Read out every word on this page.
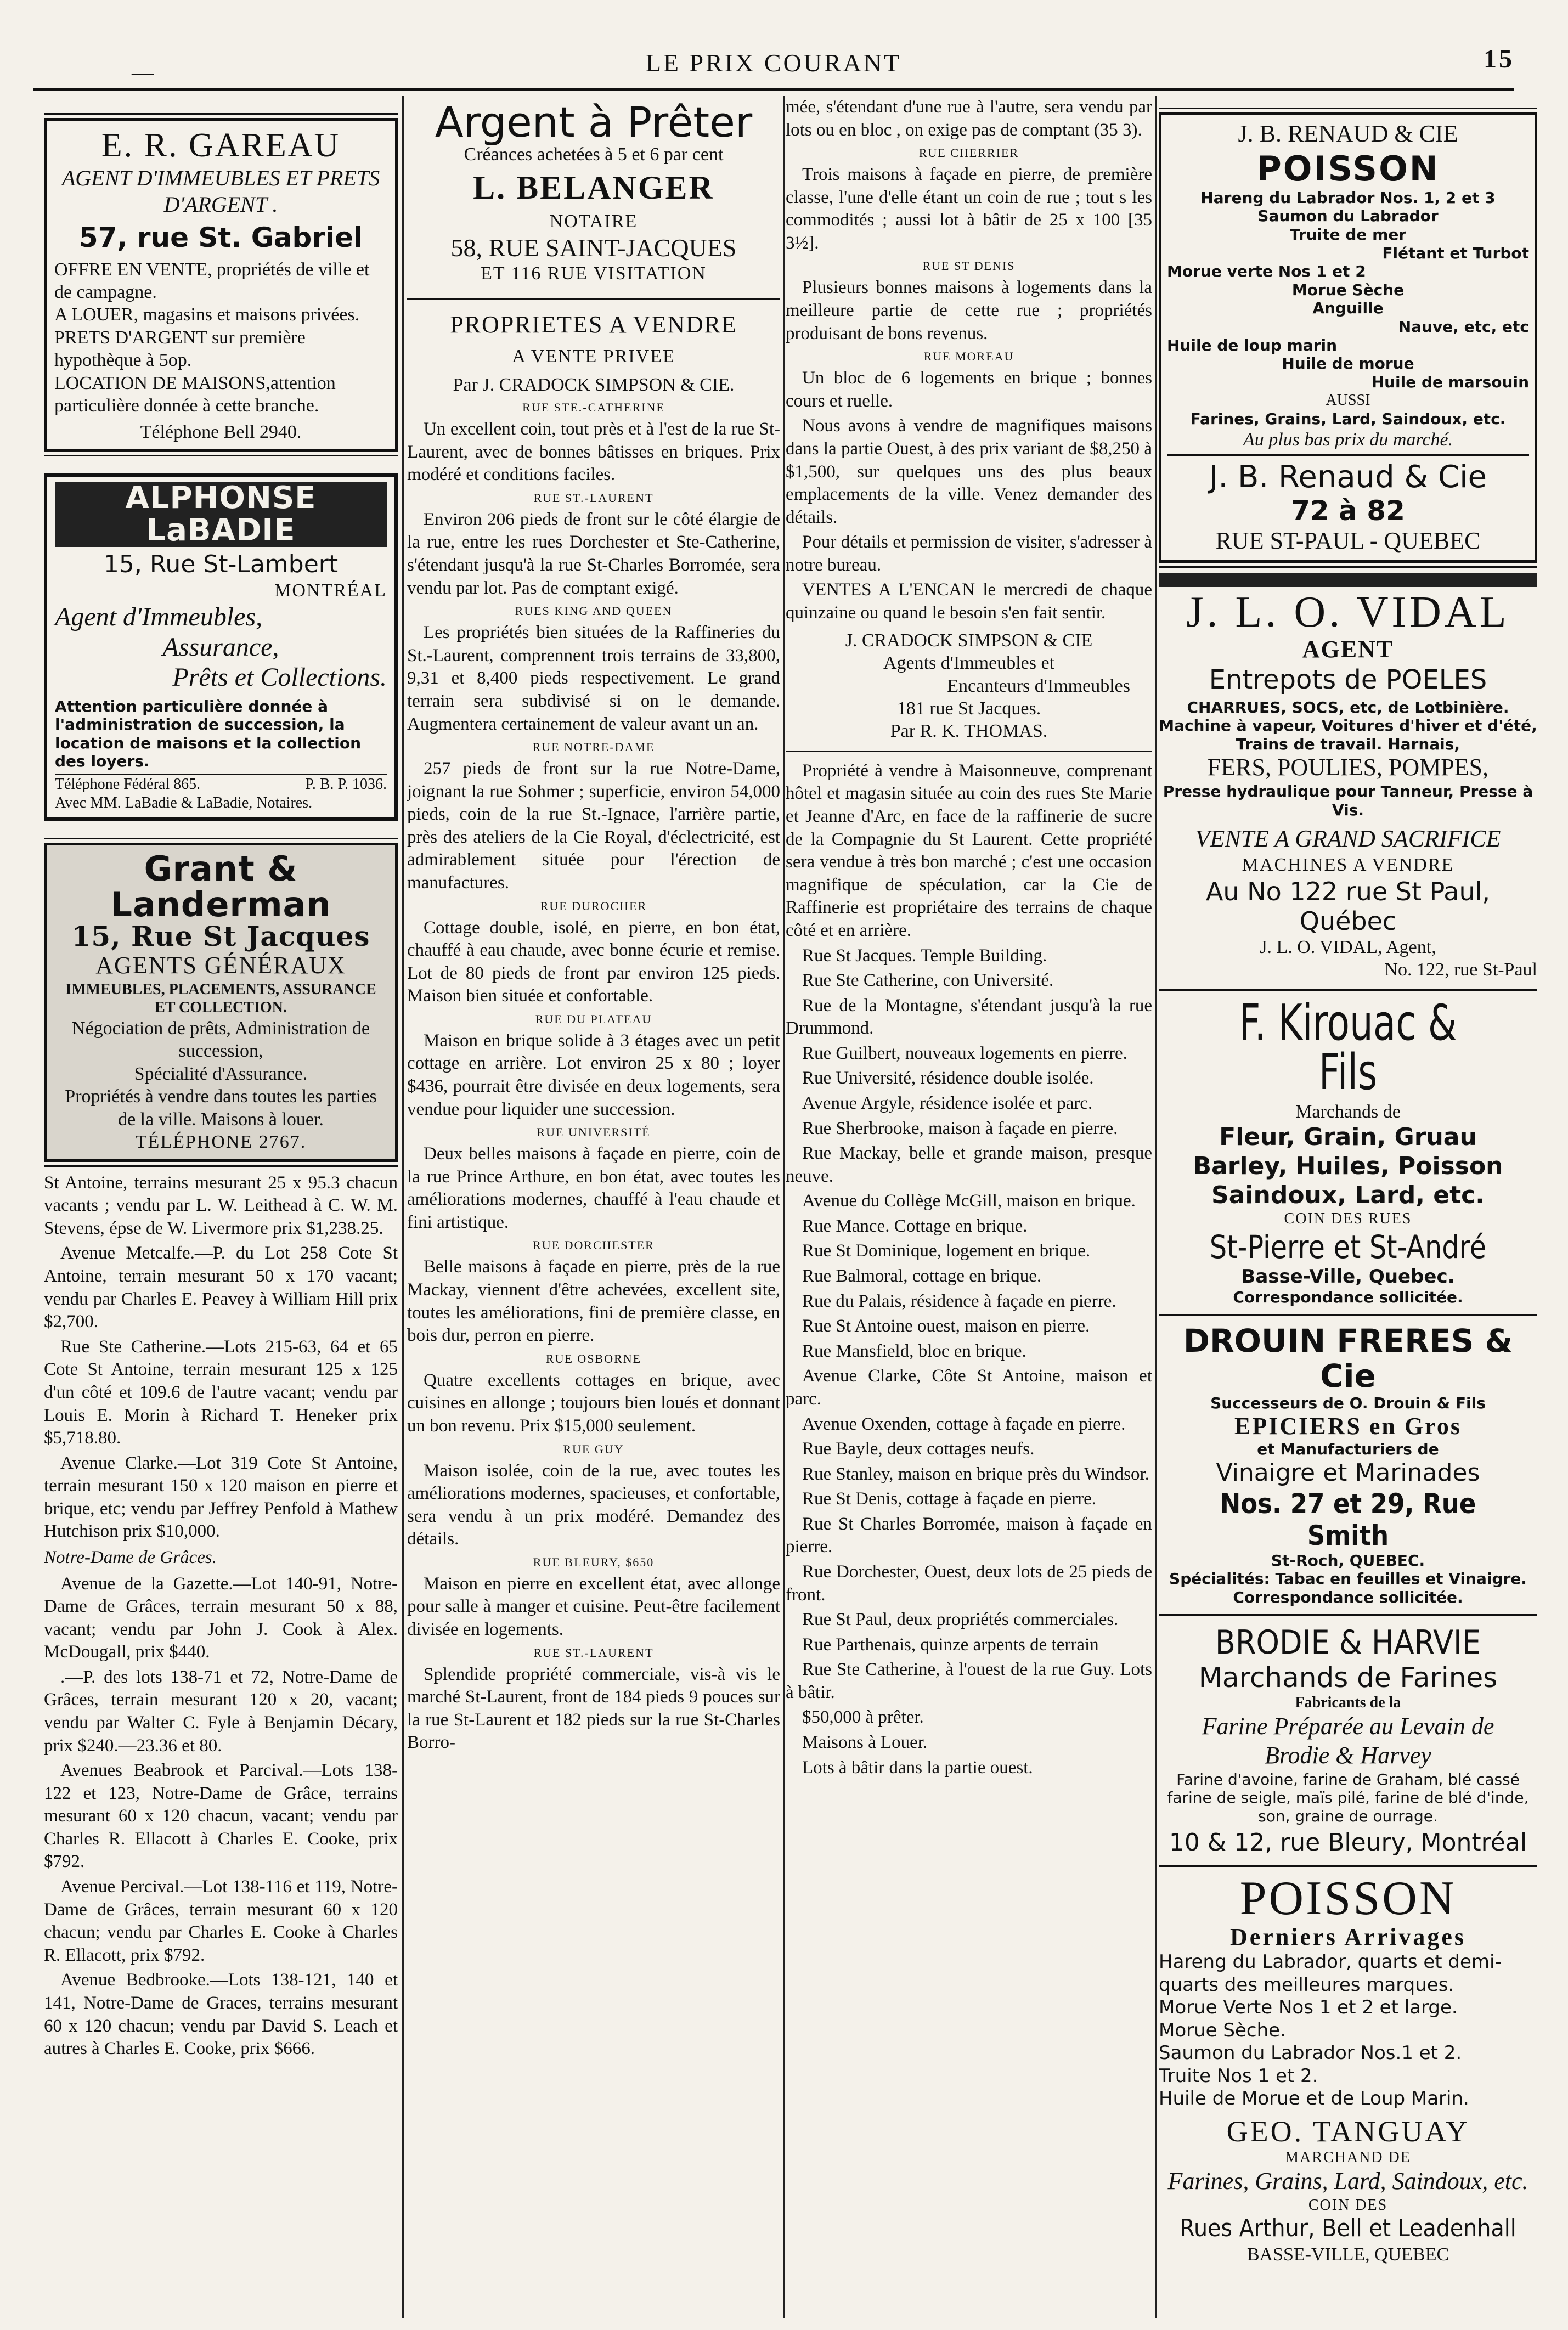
—	LE PRIX COURANT	15
E. R. GAREAU
AGENT D'IMMEUBLES ET PRETS D'ARGENT .
57, rue St. Gabriel
OFFRE EN VENTE, propriétés de ville et de campagne.
A LOUER, magasins et maisons privées.
PRETS D'ARGENT sur première hypothèque à 5op.
LOCATION DE MAISONS,attention particulière donnée à cette branche.
Téléphone Bell 2940.
ALPHONSE LaBADIE
15, Rue St-Lambert
MONTRÉAL
Agent d'Immeubles,
Assurance,
Prêts et Collections.
Attention particulière donnée à l'administration de succession, la location de maisons et la collection des loyers.
Téléphone Fédéral 865.	P. B. P. 1036.
Avec MM. LaBadie & LaBadie, Notaires.
Grant & Landerman
15, Rue St Jacques
AGENTS GÉNÉRAUX
IMMEUBLES, PLACEMENTS, ASSURANCE ET COLLECTION.
Négociation de prêts, Administration de succession,
Spécialité d'Assurance.
Propriétés à vendre dans toutes les parties de la ville. Maisons à louer.
TÉLÉPHONE 2767.

St Antoine, terrains mesurant 25 x 95.3 chacun vacants ; vendu par L. W. Leithead à C. W. M. Stevens, épse de W. Livermore prix $1,238.25.

Avenue Metcalfe.—P. du Lot 258 Cote St Antoine, terrain mesurant 50 x 170 vacant; vendu par Charles E. Peavey à William Hill prix $2,700.

Rue Ste Catherine.—Lots 215-63, 64 et 65 Cote St Antoine, terrain mesurant 125 x 125 d'un côté et 109.6 de l'autre vacant; vendu par Louis E. Morin à Richard T. Heneker prix $5,718.80.

Avenue Clarke.—Lot 319 Cote St Antoine, terrain mesurant 150 x 120 maison en pierre et brique, etc; vendu par Jeffrey Penfold à Mathew Hutchison prix $10,000.

Notre-Dame de Grâces.

Avenue de la Gazette.—Lot 140-91, Notre-Dame de Grâces, terrain mesurant 50 x 88, vacant; vendu par John J. Cook à Alex. McDougall, prix $440.

.—P. des lots 138-71 et 72, Notre-Dame de Grâces, terrain mesurant 120 x 20, vacant; vendu par Walter C. Fyle à Benjamin Décary, prix $240.—23.36 et 80.

Avenues Beabrook et Parcival.—Lots 138-122 et 123, Notre-Dame de Grâce, terrains mesurant 60 x 120 chacun, vacant; vendu par Charles R. Ellacott à Charles E. Cooke, prix $792.

Avenue Percival.—Lot 138-116 et 119, Notre-Dame de Grâces, terrain mesurant 60 x 120 chacun; vendu par Charles E. Cooke à Charles R. Ellacott, prix $792.

Avenue Bedbrooke.—Lots 138-121, 140 et 141, Notre-Dame de Graces, terrains mesurant 60 x 120 chacun; vendu par David S. Leach et autres à Charles E. Cooke, prix $666.

Argent à Prêter
Créances achetées à 5 et 6 par cent
L. BELANGER
NOTAIRE
58, RUE SAINT-JACQUES
ET 116 RUE VISITATION
PROPRIETES A VENDRE
A VENTE PRIVEE
Par J. CRADOCK SIMPSON & CIE.
RUE STE.-CATHERINE

Un excellent coin, tout près et à l'est de la rue St-Laurent, avec de bonnes bâtisses en briques. Prix modéré et conditions faciles.

RUE ST.-LAURENT

Environ 206 pieds de front sur le côté élargie de la rue, entre les rues Dorchester et Ste-Catherine, s'étendant jusqu'à la rue St-Charles Borromée, sera vendu par lot. Pas de comptant exigé.

RUES KING AND QUEEN

Les propriétés bien situées de la Raffineries du St.-Laurent, comprennent trois terrains de 33,800, 9,31 et 8,400 pieds respectivement. Le grand terrain sera subdivisé si on le demande. Augmentera certainement de valeur avant un an.

RUE NOTRE-DAME

257 pieds de front sur la rue Notre-Dame, joignant la rue Sohmer ; superficie, environ 54,000 pieds, coin de la rue St.-Ignace, l'arrière partie, près des ateliers de la Cie Royal, d'éclectricité, est admirablement située pour l'érection de manufactures.

RUE DUROCHER

Cottage double, isolé, en pierre, en bon état, chauffé à eau chaude, avec bonne écurie et remise. Lot de 80 pieds de front par environ 125 pieds. Maison bien située et confortable.

RUE DU PLATEAU

Maison en brique solide à 3 étages avec un petit cottage en arrière. Lot environ 25 x 80 ; loyer $436, pourrait être divisée en deux logements, sera vendue pour liquider une succession.

RUE UNIVERSITÉ

Deux belles maisons à façade en pierre, coin de la rue Prince Arthure, en bon état, avec toutes les améliorations modernes, chauffé à l'eau chaude et fini artistique.

RUE DORCHESTER

Belle maisons à façade en pierre, près de la rue Mackay, viennent d'être achevées, excellent site, toutes les améliorations, fini de première classe, en bois dur, perron en pierre.

RUE OSBORNE

Quatre excellents cottages en brique, avec cuisines en allonge ; toujours bien loués et donnant un bon revenu. Prix $15,000 seulement.

RUE GUY

Maison isolée, coin de la rue, avec toutes les améliorations modernes, spacieuses, et confortable, sera vendu à un prix modéré. Demandez des détails.

RUE BLEURY, $650

Maison en pierre en excellent état, avec allonge pour salle à manger et cuisine. Peut-être facilement divisée en logements.

RUE ST.-LAURENT

Splendide propriété commerciale, vis-à vis le marché St-Laurent, front de 184 pieds 9 pouces sur la rue St-Laurent et 182 pieds sur la rue St-Charles Borro-

mée, s'étendant d'une rue à l'autre, sera vendu par lots ou en bloc , on exige pas de comptant (35 3).

RUE CHERRIER

Trois maisons à façade en pierre, de première classe, l'une d'elle étant un coin de rue ; tout s les commodités ; aussi lot à bâtir de 25 x 100 [35 3½].

RUE ST DENIS

Plusieurs bonnes maisons à logements dans la meilleure partie de cette rue ; propriétés produisant de bons revenus.

RUE MOREAU

Un bloc de 6 logements en brique ; bonnes cours et ruelle.

Nous avons à vendre de magnifiques maisons dans la partie Ouest, à des prix variant de $8,250 à $1,500, sur quelques uns des plus beaux emplacements de la ville. Venez demander des détails.

Pour détails et permission de visiter, s'adresser à notre bureau.

VENTES A L'ENCAN le mercredi de chaque quinzaine ou quand le besoin s'en fait sentir.

J. CRADOCK SIMPSON & CIE
Agents d'Immeubles et
Encanteurs d'Immeubles
181 rue St Jacques.
Par R. K. THOMAS.

Propriété à vendre à Maisonneuve, comprenant hôtel et magasin située au coin des rues Ste Marie et Jeanne d'Arc, en face de la raffinerie de sucre de la Compagnie du St Laurent. Cette propriété sera vendue à très bon marché ; c'est une occasion magnifique de spéculation, car la Cie de Raffinerie est propriétaire des terrains de chaque côté et en arrière.

Rue St Jacques. Temple Building.

Rue Ste Catherine, con Université.

Rue de la Montagne, s'étendant jusqu'à la rue Drummond.

Rue Guilbert, nouveaux logements en pierre.

Rue Université, résidence double isolée.

Avenue Argyle, résidence isolée et parc.

Rue Sherbrooke, maison à façade en pierre.

Rue Mackay, belle et grande maison, presque neuve.

Avenue du Collège McGill, maison en brique.

Rue Mance. Cottage en brique.

Rue St Dominique, logement en brique.

Rue Balmoral, cottage en brique.

Rue du Palais, résidence à façade en pierre.

Rue St Antoine ouest, maison en pierre.

Rue Mansfield, bloc en brique.

Avenue Clarke, Côte St Antoine, maison et parc.

Avenue Oxenden, cottage à façade en pierre.

Rue Bayle, deux cottages neufs.

Rue Stanley, maison en brique près du Windsor.

Rue St Denis, cottage à façade en pierre.

Rue St Charles Borromée, maison à façade en pierre.

Rue Dorchester, Ouest, deux lots de 25 pieds de front.

Rue St Paul, deux propriétés commerciales.

Rue Parthenais, quinze arpents de terrain

Rue Ste Catherine, à l'ouest de la rue Guy. Lots à bâtir.

$50,000 à prêter.

Maisons à Louer.

Lots à bâtir dans la partie ouest.

J. B. RENAUD & CIE
POISSON
Hareng du Labrador Nos. 1, 2 et 3
Saumon du Labrador
Truite de mer
Flétant et Turbot
Morue verte Nos 1 et 2
Morue Sèche
Anguille
Nauve, etc, etc
Huile de loup marin
Huile de morue
Huile de marsouin
AUSSI
Farines, Grains, Lard, Saindoux, etc.
Au plus bas prix du marché.
J. B. Renaud & Cie
72 à 82
RUE ST-PAUL - QUEBEC
J. L. O. VIDAL
AGENT
Entrepots de POELES
CHARRUES, SOCS, etc, de Lotbinière.
Machine à vapeur, Voitures d'hiver et d'été, Trains de travail. Harnais,
FERS, POULIES, POMPES,
Presse hydraulique pour Tanneur, Presse à Vis.
VENTE A GRAND SACRIFICE
MACHINES A VENDRE
Au No 122 rue St Paul, Québec
J. L. O. VIDAL, Agent,
No. 122, rue St-Paul
F. Kirouac & Fils
Marchands de
Fleur, Grain, Gruau
Barley, Huiles, Poisson
Saindoux, Lard, etc.
COIN DES RUES
St-Pierre et St-André
Basse-Ville, Quebec.
Correspondance sollicitée.
DROUIN FRERES & Cie
Successeurs de O. Drouin & Fils
EPICIERS en Gros
et Manufacturiers de
Vinaigre et Marinades
Nos. 27 et 29, Rue Smith
St-Roch, QUEBEC.
Spécialités: Tabac en feuilles et Vinaigre. Correspondance sollicitée.
BRODIE & HARVIE
Marchands de Farines
Fabricants de la
Farine Préparée au Levain de
Brodie & Harvey
Farine d'avoine, farine de Graham, blé cassé farine de seigle, maïs pilé, farine de blé d'inde, son, graine de ourrage.
10 & 12, rue Bleury, Montréal
POISSON
Derniers Arrivages
Hareng du Labrador, quarts et demi-quarts des meilleures marques.
Morue Verte Nos 1 et 2 et large.
Morue Sèche.
Saumon du Labrador Nos.1 et 2.
Truite Nos 1 et 2.
Huile de Morue et de Loup Marin.
GEO. TANGUAY
MARCHAND DE
Farines, Grains, Lard, Saindoux, etc.
COIN DES
Rues Arthur, Bell et Leadenhall
BASSE-VILLE, QUEBEC
